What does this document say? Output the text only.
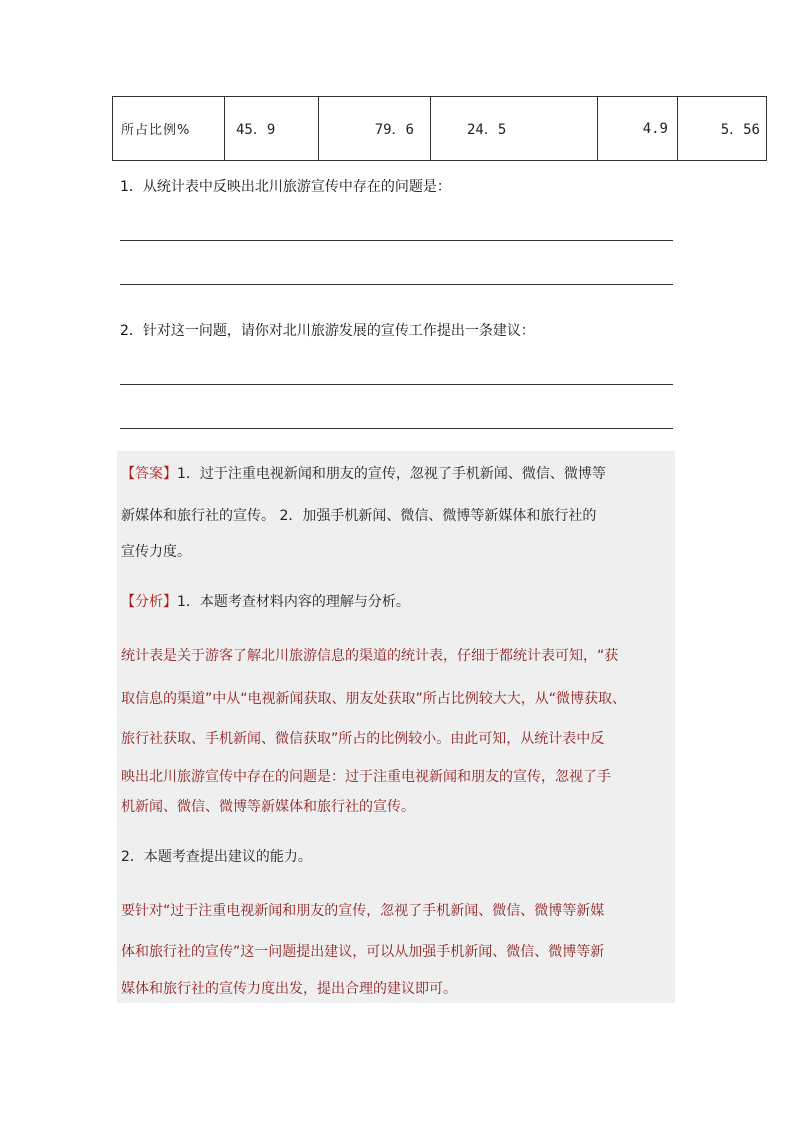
所占比例%	45．9	79．6	24．5	4.9	5．56
1．从统计表中反映出北川旅游宣传中存在的问题是：
2．针对这一问题，请你对北川旅游发展的宣传工作提出一条建议：
【答案】1．过于注重电视新闻和朋友的宣传，忽视了手机新闻、微信、微博等
新媒体和旅行社的宣传。 2．加强手机新闻、微信、微博等新媒体和旅行社的
宣传力度。
【分析】1．本题考查材料内容的理解与分析。
统计表是关于游客了解北川旅游信息的渠道的统计表，仔细于都统计表可知，“获
取信息的渠道”中从“电视新闻获取、朋友处获取”所占比例较大大，从“微博获取、
旅行社获取、手机新闻、微信获取”所占的比例较小。由此可知，从统计表中反
映出北川旅游宣传中存在的问题是：过于注重电视新闻和朋友的宣传，忽视了手
机新闻、微信、微博等新媒体和旅行社的宣传。
2．本题考查提出建议的能力。
要针对“过于注重电视新闻和朋友的宣传，忽视了手机新闻、微信、微博等新媒
体和旅行社的宣传”这一问题提出建议，可以从加强手机新闻、微信、微博等新
媒体和旅行社的宣传力度出发，提出合理的建议即可。
